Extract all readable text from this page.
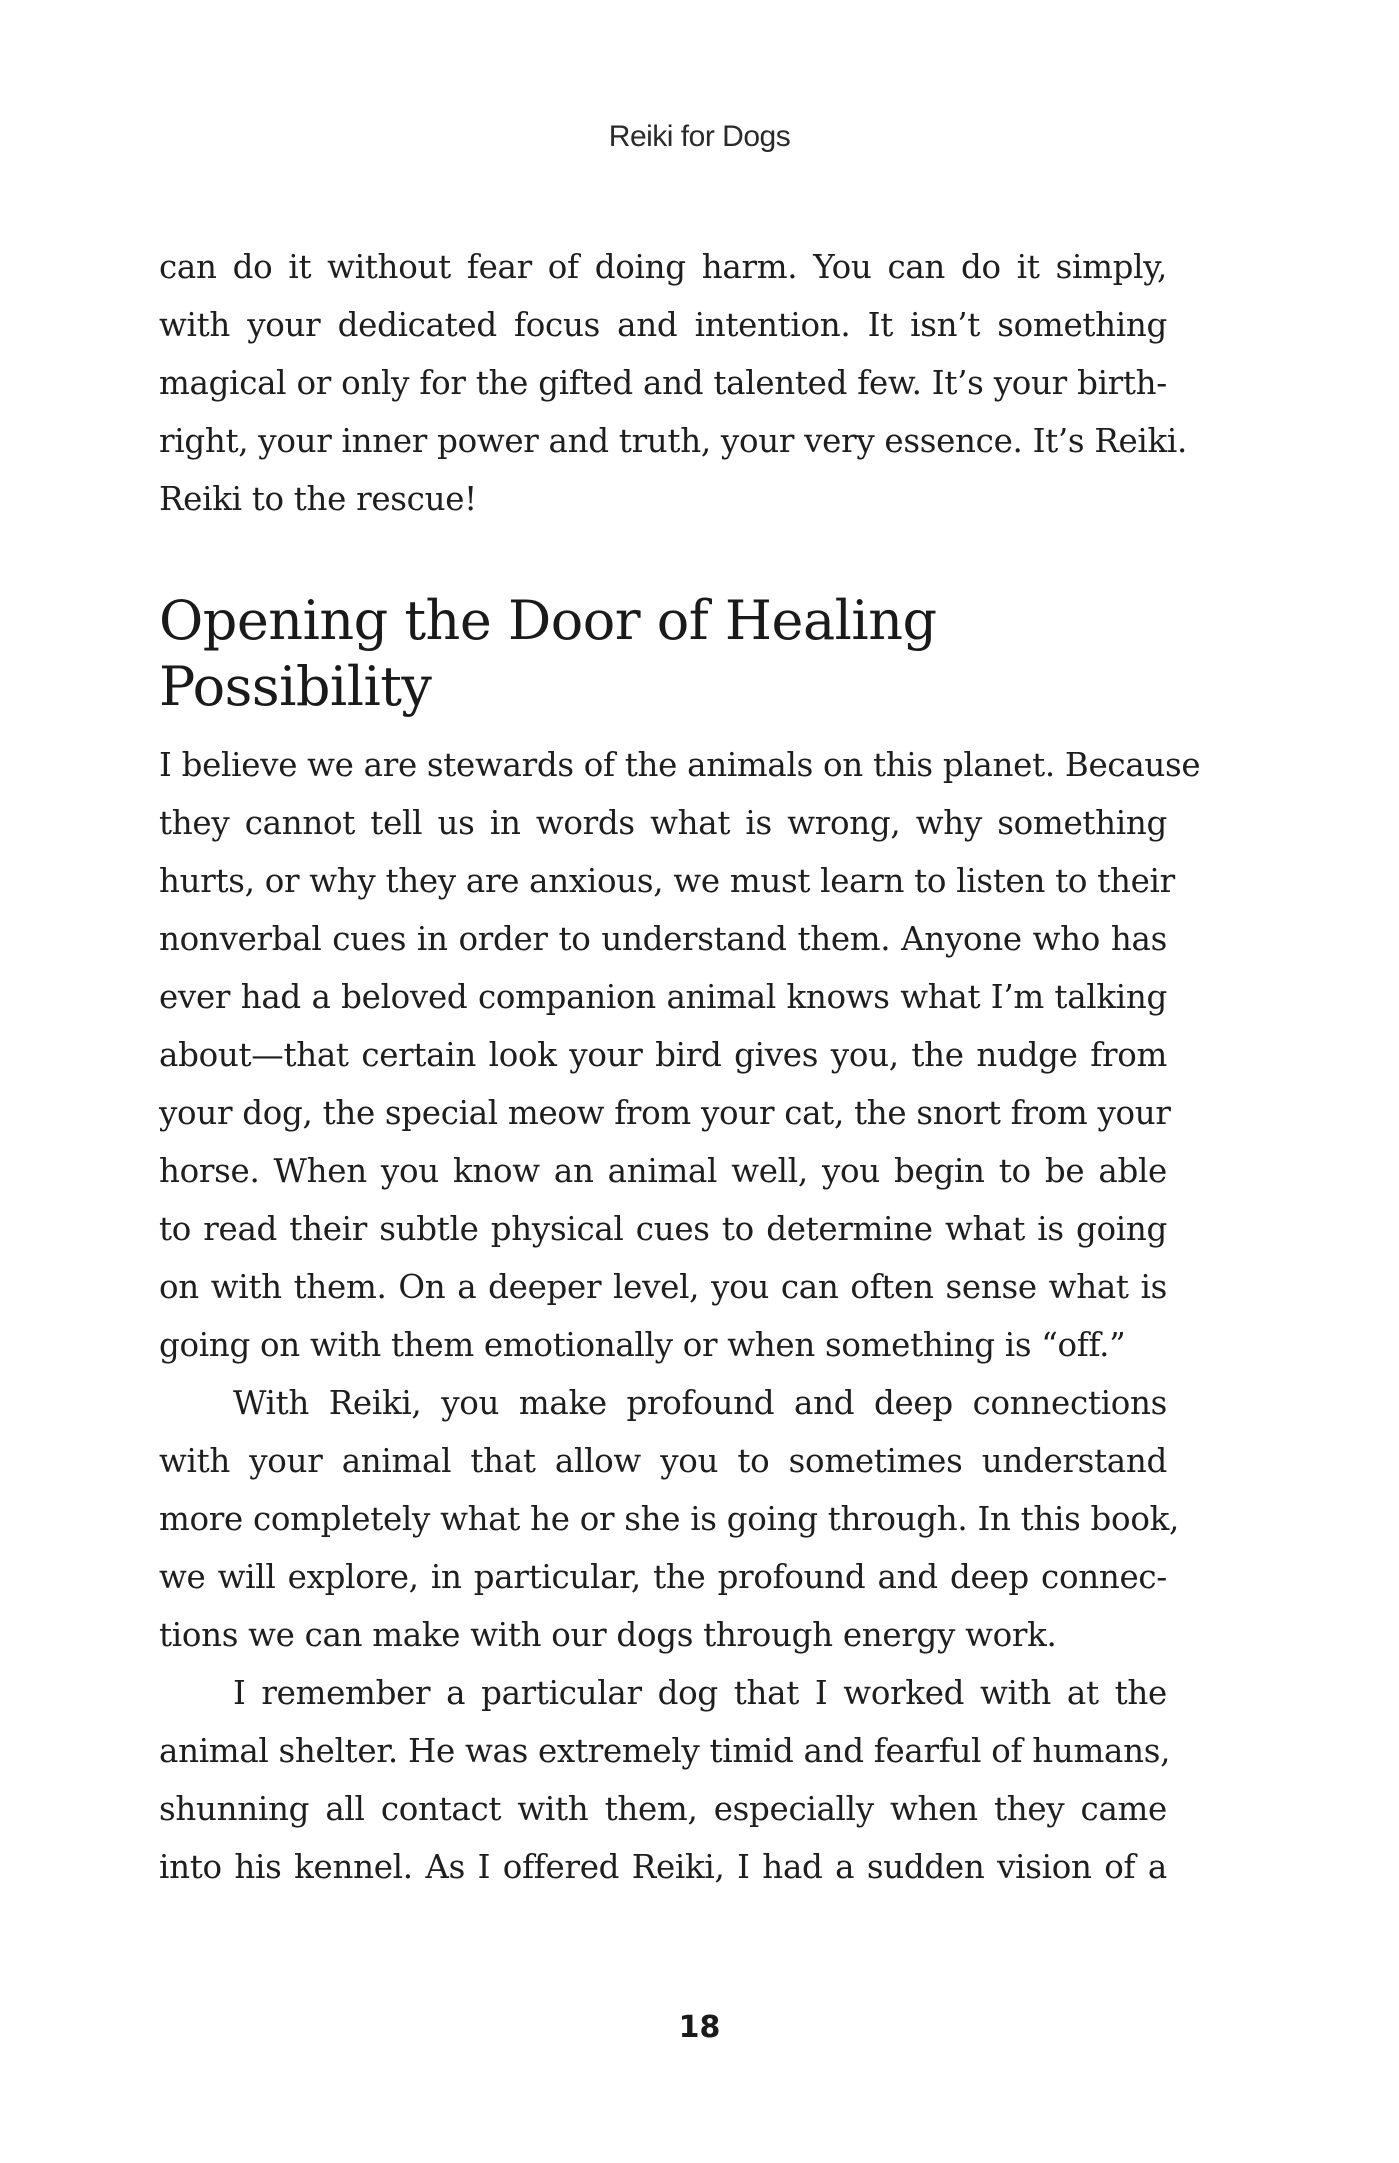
Reiki for Dogs
can do it without fear of doing harm. You can do it simply,
with your dedicated focus and intention. It isn’t something
magical or only for the gifted and talented few. It’s your birth-
right, your inner power and truth, your very essence. It’s Reiki.
Reiki to the rescue!
Opening the Door of Healing
Possibility
I believe we are stewards of the animals on this planet. Because
they cannot tell us in words what is wrong, why something
hurts, or why they are anxious, we must learn to listen to their
nonverbal cues in order to understand them. Anyone who has
ever had a beloved companion animal knows what I’m talking
about—that certain look your bird gives you, the nudge from
your dog, the special meow from your cat, the snort from your
horse. When you know an animal well, you begin to be able
to read their subtle physical cues to determine what is going
on with them. On a deeper level, you can often sense what is
going on with them emotionally or when something is “off.”
With Reiki, you make profound and deep connections
with your animal that allow you to sometimes understand
more completely what he or she is going through. In this book,
we will explore, in particular, the profound and deep connec-
tions we can make with our dogs through energy work.
I remember a particular dog that I worked with at the
animal shelter. He was extremely timid and fearful of humans,
shunning all contact with them, especially when they came
into his kennel. As I offered Reiki, I had a sudden vision of a
18
